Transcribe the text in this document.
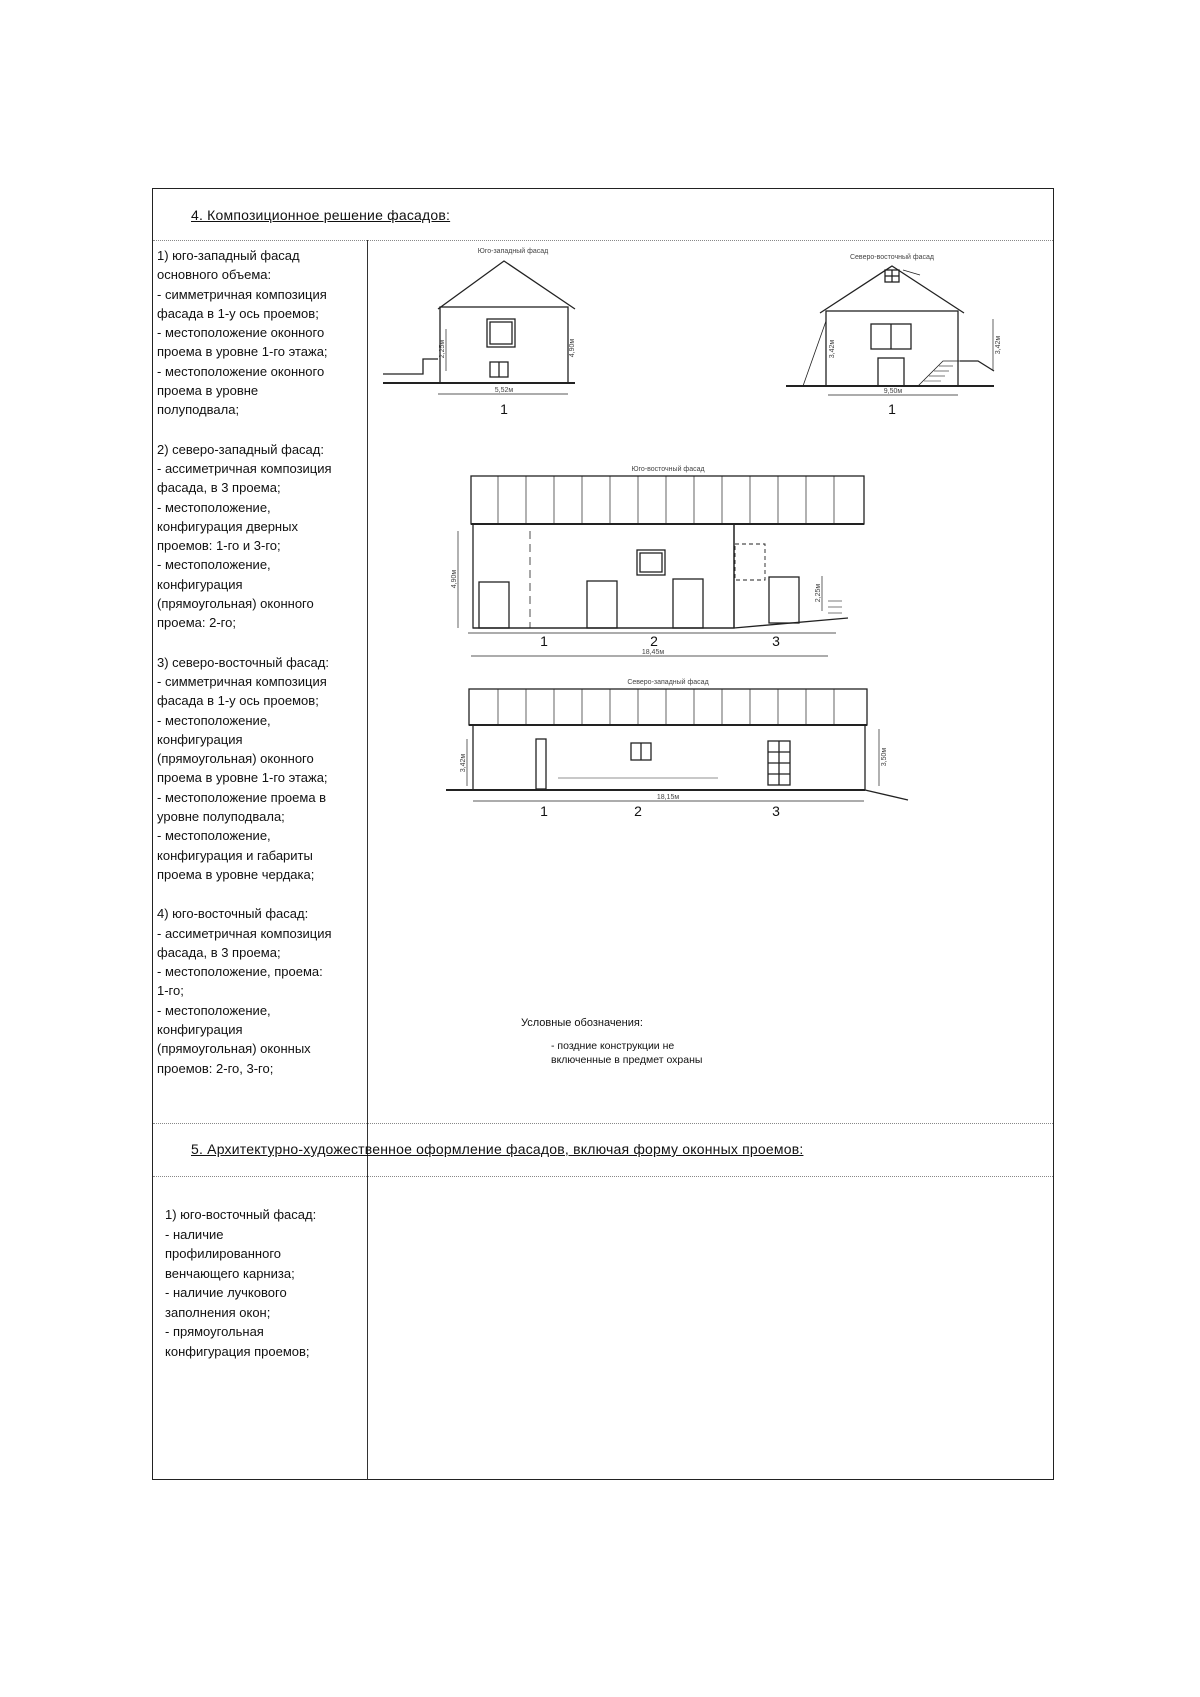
4. Композиционное решение фасадов:
1) юго-западный фасад
основного объема:
- симметричная композиция
фасада в 1-у ось проемов;
- местоположение оконного
проема в уровне 1-го этажа;
- местоположение оконного
проема в уровне
полуподвала;
2) северо-западный фасад:
- ассиметричная композиция
фасада, в 3 проема;
- местоположение,
конфигурация дверных
проемов: 1-го и 3-го;
- местоположение,
конфигурация
(прямоугольная) оконного
проема: 2-го;
3) северо-восточный фасад:
- симметричная композиция
фасада в 1-у ось проемов;
- местоположение,
конфигурация
(прямоугольная) оконного
проема в уровне 1-го этажа;
- местоположение проема в
уровне полуподвала;
- местоположение,
конфигурация и габариты
проема в уровне чердака;
4) юго-восточный фасад:
- ассиметричная композиция
фасада, в 3 проема;
- местоположение, проема:
1-го;
- местоположение,
конфигурация
(прямоугольная) оконных
проемов: 2-го, 3-го;
Юго-западный фасад
Северо-восточный фасад
Юго-восточный фасад
Северо-западный фасад
5,52м	9,50м
18,45м
18,15м
4,90м
2,25м	3,42м
3,42м
4,90м
2,25м
3,50м
3,42м
1	1
1	2	3
1	2	3
Условные обозначения:
- поздние конструкции не
включенные в предмет охраны
5. Архитектурно-художественное оформление фасадов, включая форму оконных проемов:
1) юго-восточный фасад:
- наличие
профилированного
венчающего карниза;
- наличие лучкового
заполнения окон;
- прямоугольная
конфигурация проемов;
